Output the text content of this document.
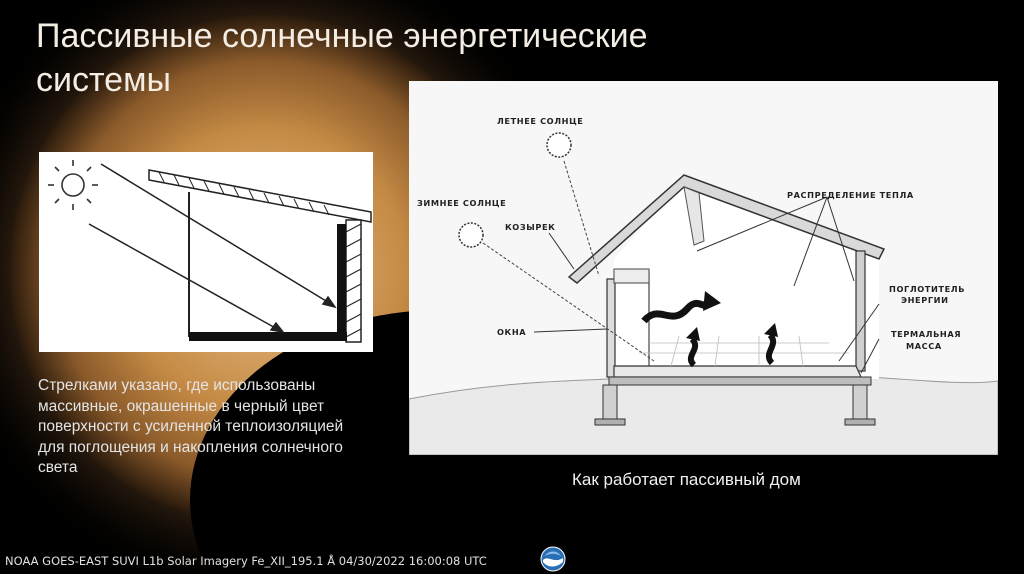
Пассивные солнечные энергетические
системы
Стрелками указано, где использованы массивные, окрашенные в черный цвет поверхности с усиленной теплоизоляцией для поглощения и накопления солнечного света
ЛЕТНЕЕ СОЛНЦЕ
ЗИМНЕЕ СОЛНЦЕ
КОЗЫРЕК
ОКНА
РАСПРЕДЕЛЕНИЕ ТЕПЛА
ПОГЛОТИТЕЛЬ
ЭНЕРГИИ
ТЕРМАЛЬНАЯ
МАССА
Как работает пассивный дом
NOAA GOES-EAST SUVI L1b Solar Imagery Fe_XII_195.1 Å 04/30/2022 16:00:08 UTC
